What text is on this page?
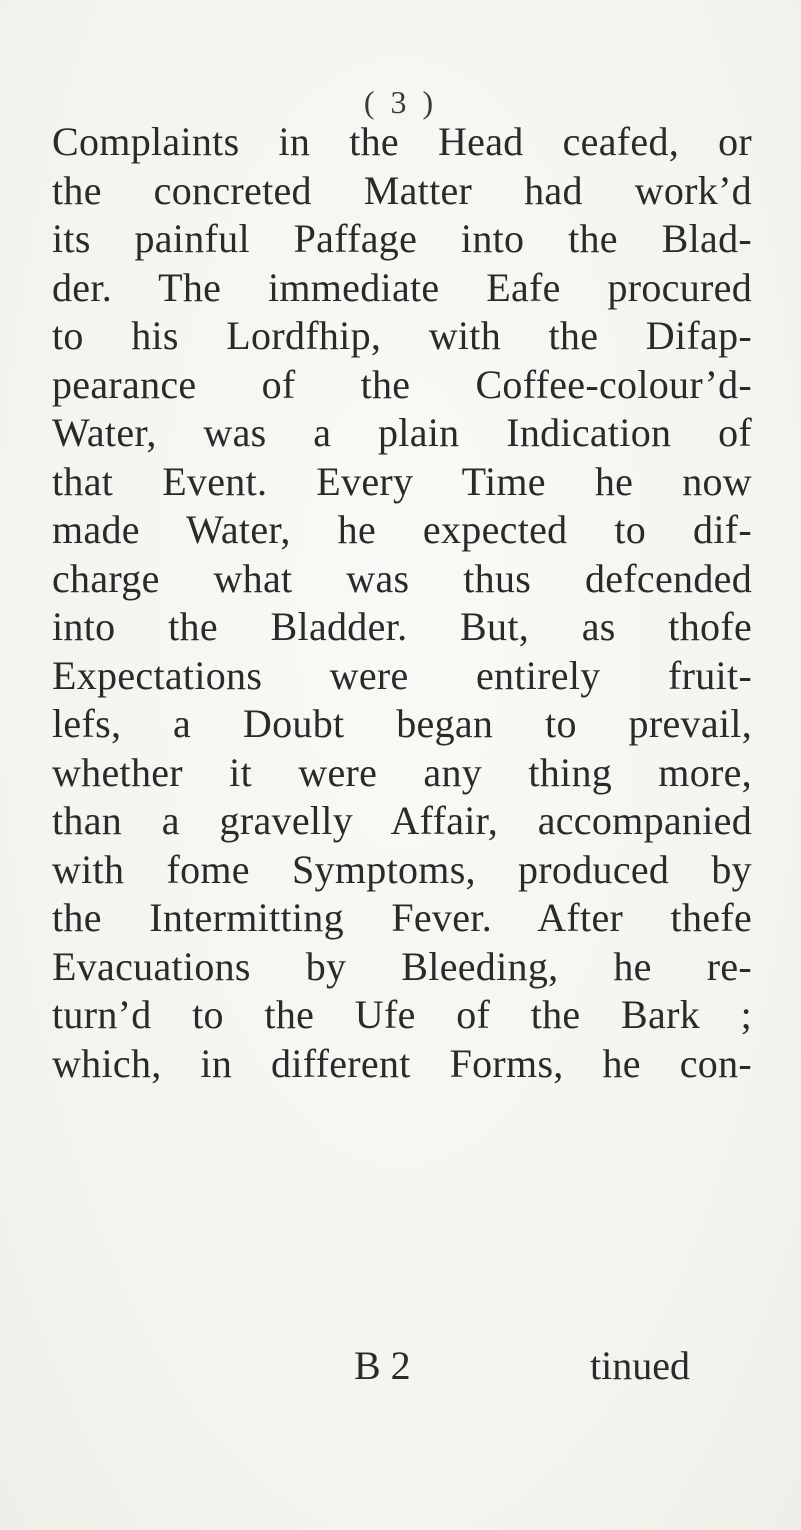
( 3 )
Complaints in the Head ceafed, or
the concreted Matter had work’d
its painful Paffage into the Blad-
der. The immediate Eafe procured
to his Lordfhip, with the Difap-
pearance of the Coffee-colour’d-
Water, was a plain Indication of
that Event. Every Time he now
made Water, he expected to dif-
charge what was thus defcended
into the Bladder. But, as thofe
Expectations were entirely fruit-
lefs, a Doubt began to prevail,
whether it were any thing more,
than a gravelly Affair, accompanied
with fome Symptoms, produced by
the Intermitting Fever. After thefe
Evacuations by Bleeding, he re-
turn’d to the Ufe of the Bark ;
which, in different Forms, he con-
B 2	tinued
